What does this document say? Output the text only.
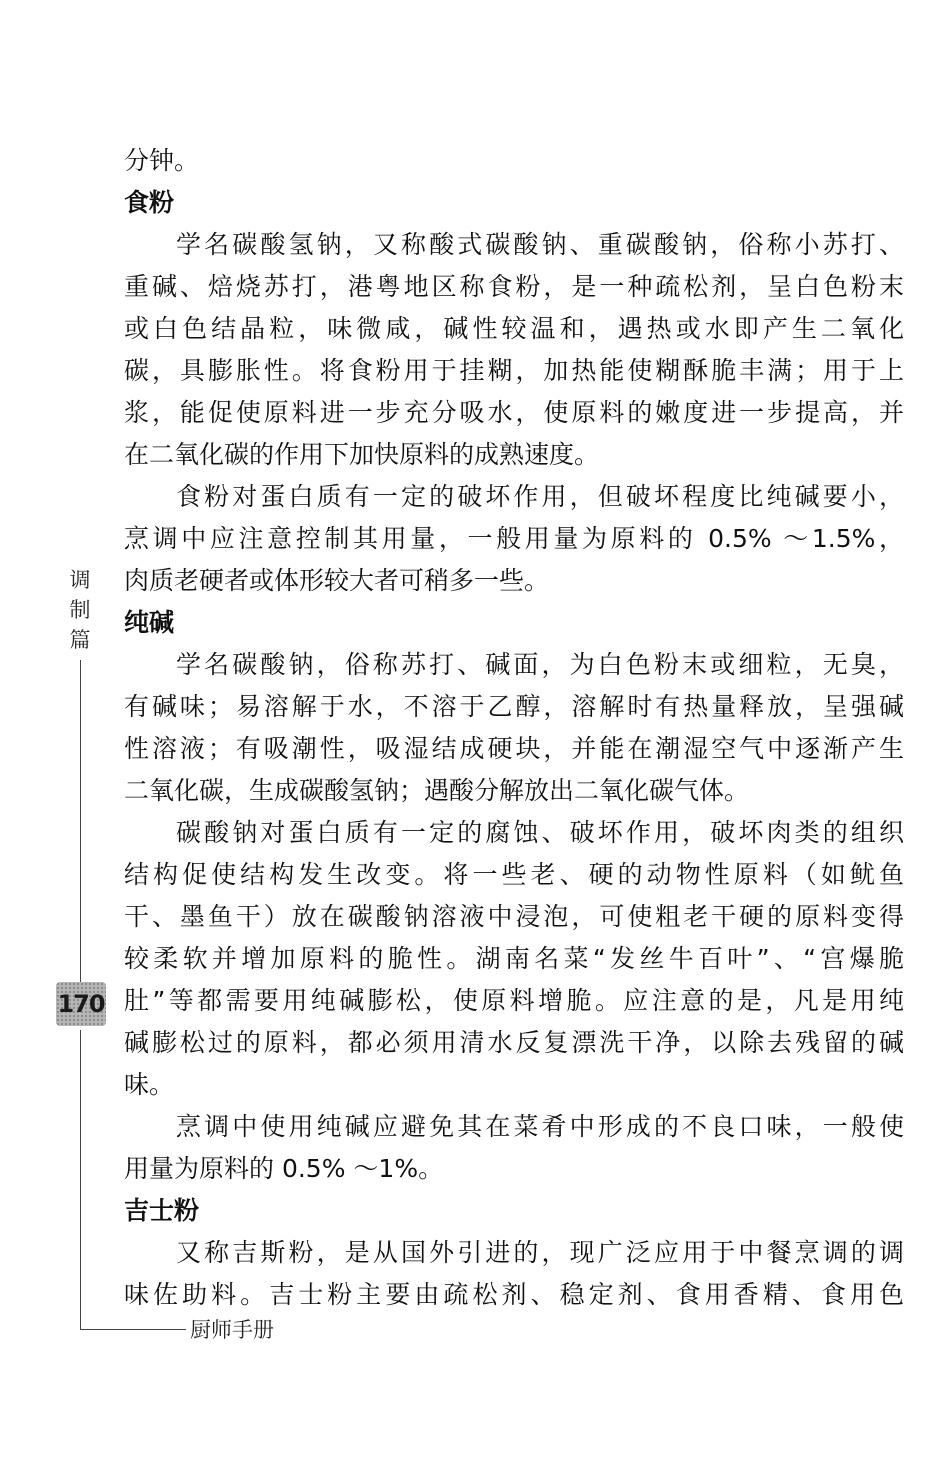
分钟。
食粉
学名碳酸氢钠，又称酸式碳酸钠、重碳酸钠，俗称小苏打、
重碱、焙烧苏打，港粤地区称食粉，是一种疏松剂，呈白色粉末
或白色结晶粒，味微咸，碱性较温和，遇热或水即产生二氧化
碳，具膨胀性。将食粉用于挂糊，加热能使糊酥脆丰满；用于上
浆，能促使原料进一步充分吸水，使原料的嫩度进一步提高，并
在二氧化碳的作用下加快原料的成熟速度。
食粉对蛋白质有一定的破坏作用，但破坏程度比纯碱要小，
烹调中应注意控制其用量，一般用量为原料的 0.5% ～1.5%，
肉质老硬者或体形较大者可稍多一些。
纯碱
学名碳酸钠，俗称苏打、碱面，为白色粉末或细粒，无臭，
有碱味；易溶解于水，不溶于乙醇，溶解时有热量释放，呈强碱
性溶液；有吸潮性，吸湿结成硬块，并能在潮湿空气中逐渐产生
二氧化碳，生成碳酸氢钠；遇酸分解放出二氧化碳气体。
碳酸钠对蛋白质有一定的腐蚀、破坏作用，破坏肉类的组织
结构促使结构发生改变。将一些老、硬的动物性原料（如鱿鱼
干、墨鱼干）放在碳酸钠溶液中浸泡，可使粗老干硬的原料变得
较柔软并增加原料的脆性。湖南名菜“发丝牛百叶”、“宫爆脆
肚”等都需要用纯碱膨松，使原料增脆。应注意的是，凡是用纯
碱膨松过的原料，都必须用清水反复漂洗干净，以除去残留的碱
味。
烹调中使用纯碱应避免其在菜肴中形成的不良口味，一般使
用量为原料的 0.5% ～1%。
吉士粉
又称吉斯粉，是从国外引进的，现广泛应用于中餐烹调的调
味佐助料。吉士粉主要由疏松剂、稳定剂、食用香精、食用色
调
制
篇
170
厨师手册
